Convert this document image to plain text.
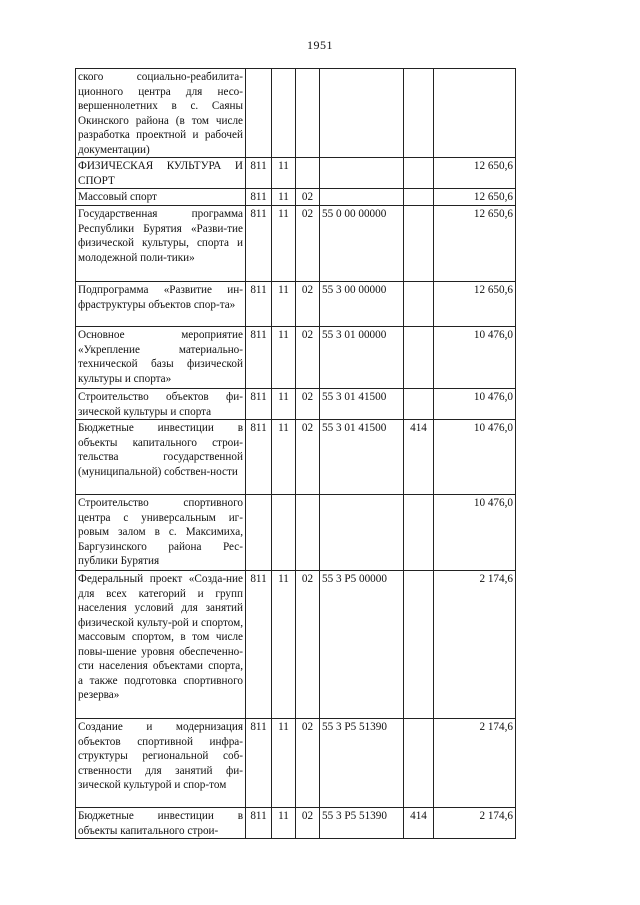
1951
ского социально-реабилита-ционного центра для несо-вершеннолетних в с. Саяны Окинского района (в том числе разработка проектной и рабочей документации)						
ФИЗИЧЕСКАЯ КУЛЬТУРА И СПОРТ	811	11				12 650,6
Массовый спорт	811	11	02			12 650,6
Государственная программа Республики Бурятия «Разви-тие физической культуры, спорта и молодежной поли-тики»	811	11	02	55 0 00 00000		12 650,6
Подпрограмма «Развитие ин-фраструктуры объектов спор-та»	811	11	02	55 3 00 00000		12 650,6
Основное мероприятие «Укрепление материально-технической базы физической культуры и спорта»	811	11	02	55 3 01 00000		10 476,0
Строительство объектов фи-зической культуры и спорта	811	11	02	55 3 01 41500		10 476,0
Бюджетные инвестиции в объекты капитального строи-тельства государственной (муниципальной) собствен-ности	811	11	02	55 3 01 41500	414	10 476,0
Строительство спортивного центра с универсальным иг-ровым залом в с. Максимиха, Баргузинского района Рес-публики Бурятия						10 476,0
Федеральный проект «Созда-ние для всех категорий и групп населения условий для занятий физической культу-рой и спортом, массовым спортом, в том числе повы-шение уровня обеспеченно-сти населения объектами спорта, а также подготовка спортивного резерва»	811	11	02	55 3 P5 00000		2 174,6
Создание и модернизация объектов спортивной инфра-структуры региональной соб-ственности для занятий фи-зической культурой и спор-том	811	11	02	55 3 P5 51390		2 174,6
Бюджетные инвестиции в объекты капитального строи-	811	11	02	55 3 P5 51390	414	2 174,6
